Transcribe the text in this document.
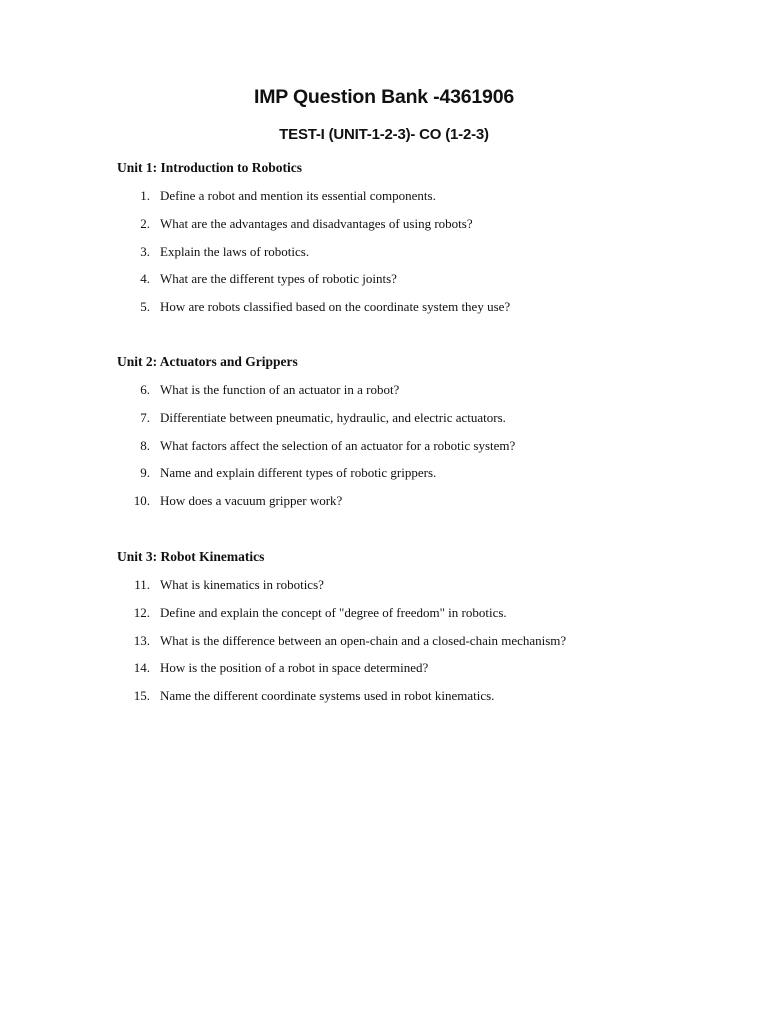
IMP Question Bank -4361906
TEST-I (UNIT-1-2-3)- CO (1-2-3)
Unit 1: Introduction to Robotics
1. Define a robot and mention its essential components.
2. What are the advantages and disadvantages of using robots?
3. Explain the laws of robotics.
4. What are the different types of robotic joints?
5. How are robots classified based on the coordinate system they use?
Unit 2: Actuators and Grippers
6. What is the function of an actuator in a robot?
7. Differentiate between pneumatic, hydraulic, and electric actuators.
8. What factors affect the selection of an actuator for a robotic system?
9. Name and explain different types of robotic grippers.
10. How does a vacuum gripper work?
Unit 3: Robot Kinematics
11. What is kinematics in robotics?
12. Define and explain the concept of "degree of freedom" in robotics.
13. What is the difference between an open-chain and a closed-chain mechanism?
14. How is the position of a robot in space determined?
15. Name the different coordinate systems used in robot kinematics.
